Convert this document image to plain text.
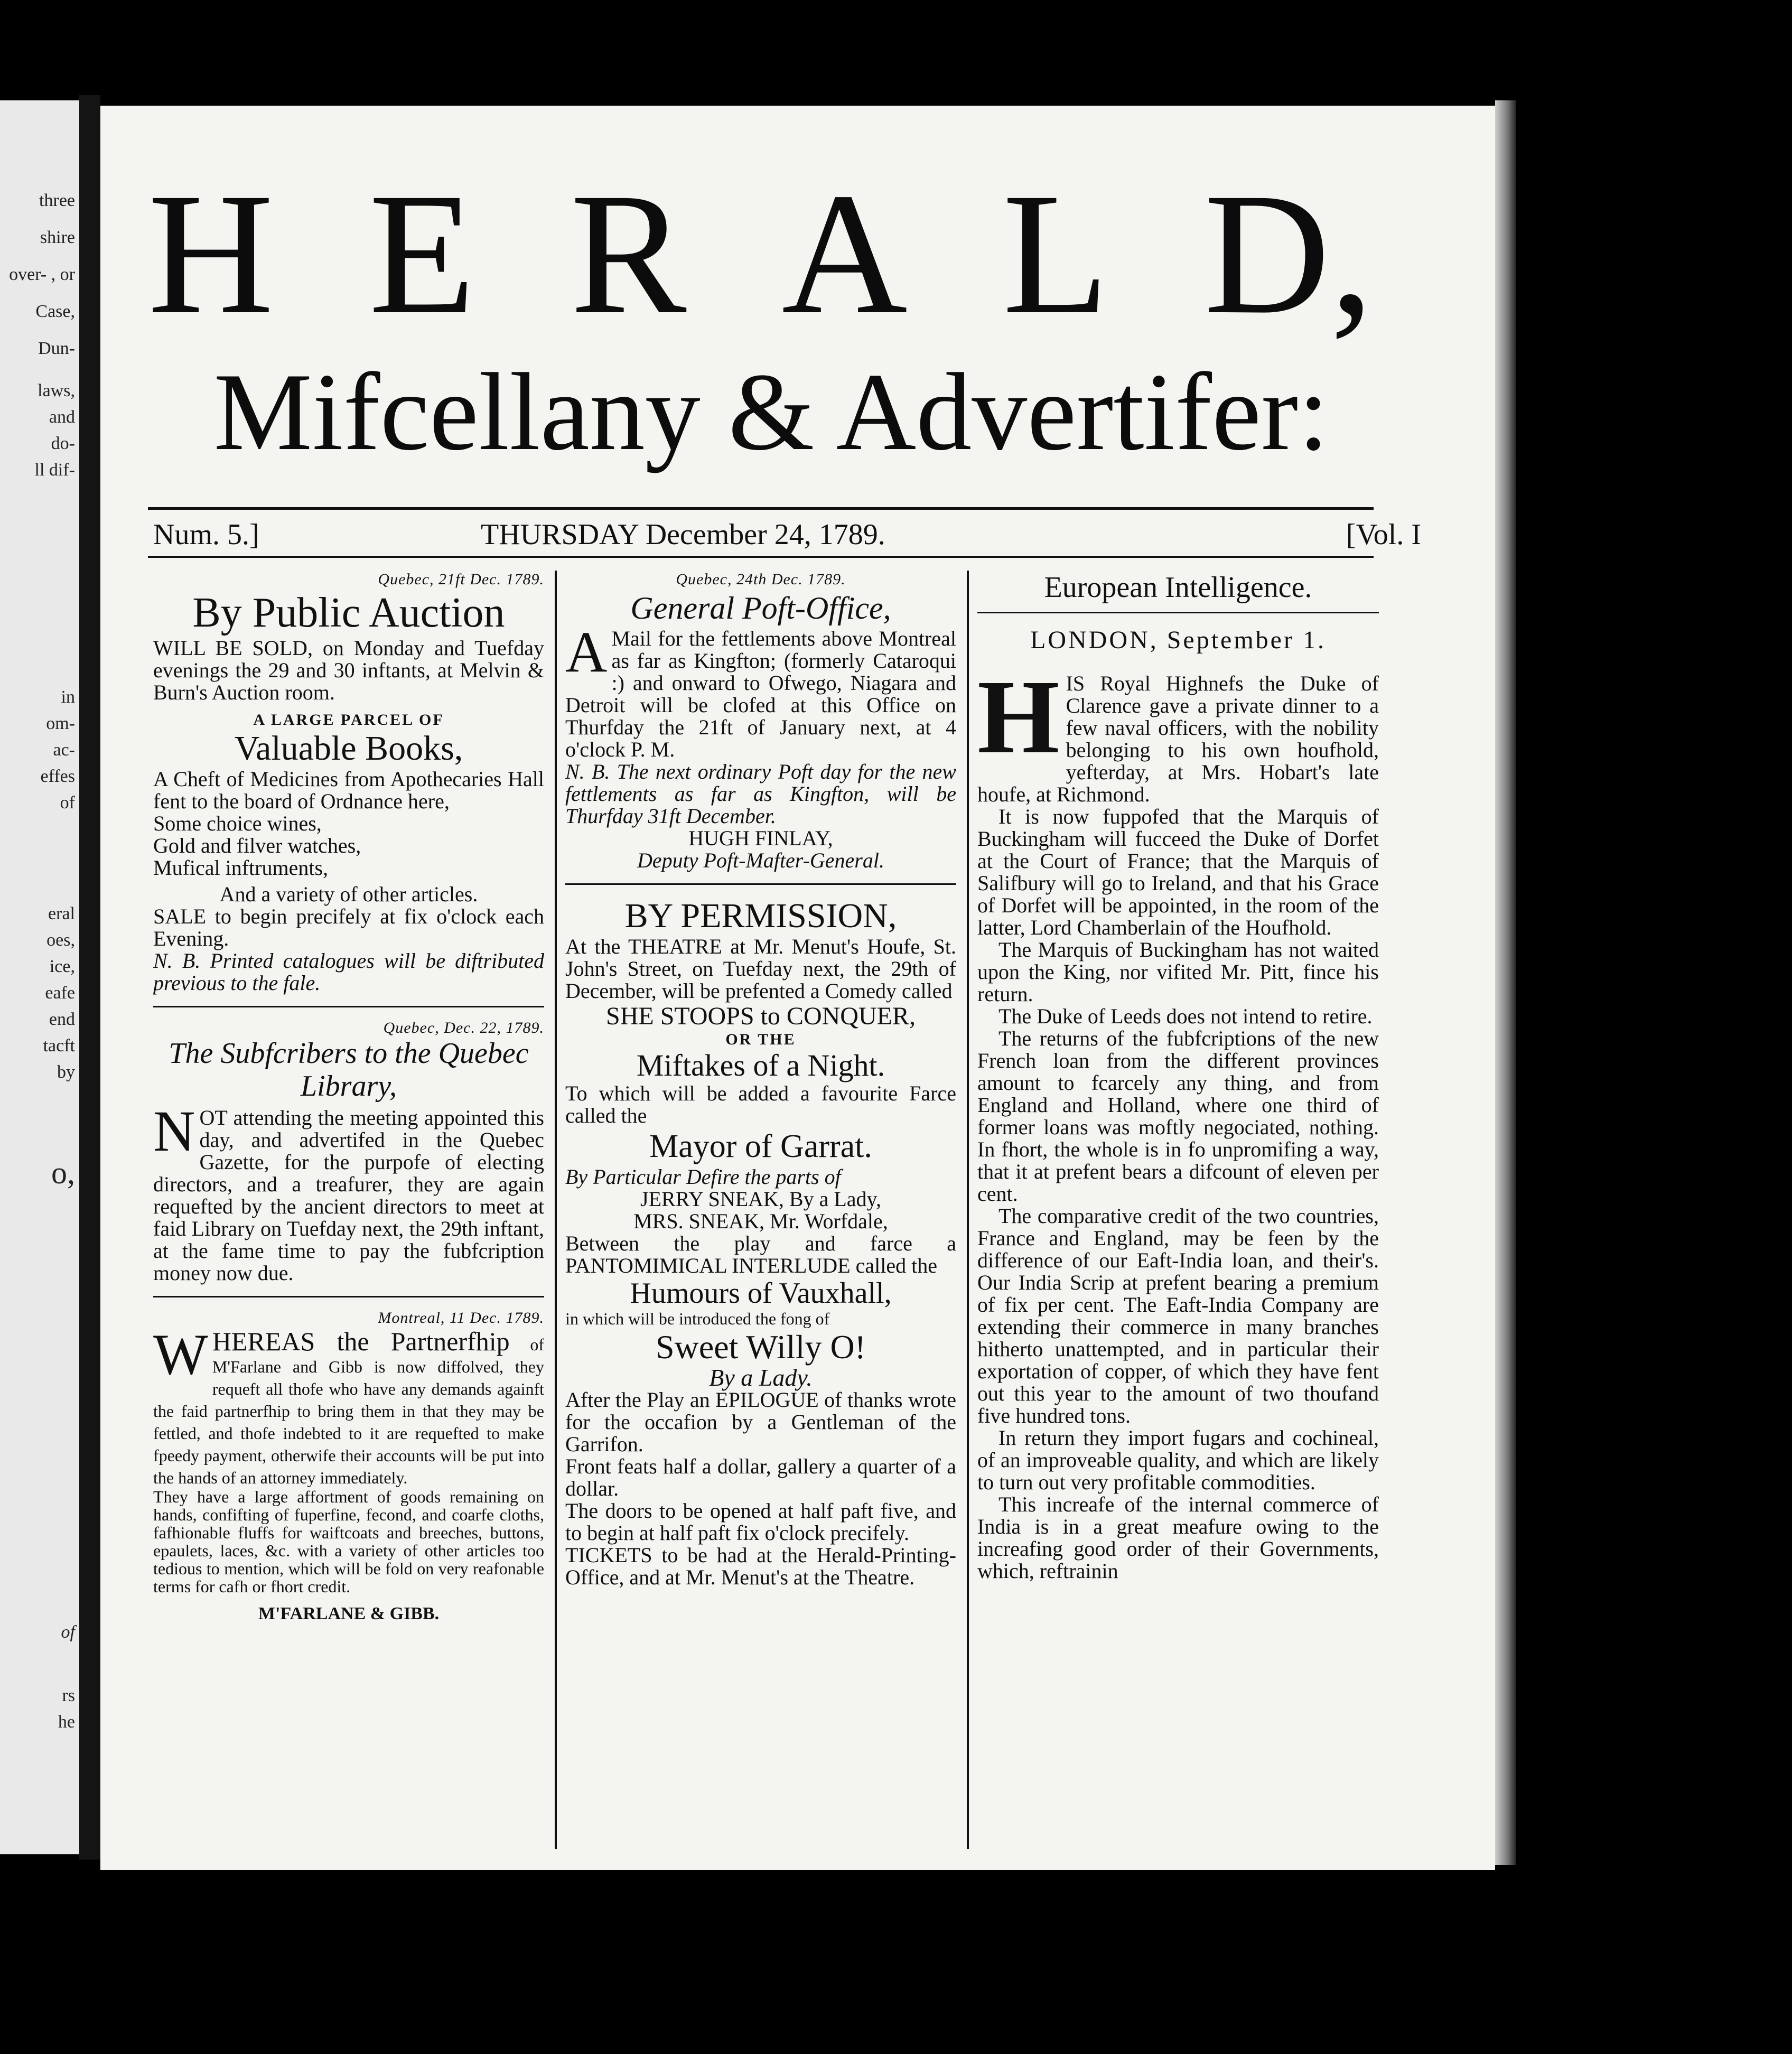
three
shire
over- , or
Case,
Dun-
laws,
and
do-
ll dif-
in
om-
ac-
effes
of
eral
oes,
ice,
eafe
end
tacft
by
o,
of
rs
he
H E R A L D,
Mifcellany & Advertifer:
Num. 5.]	THURSDAY December 24, 1789.	[Vol. I
Quebec, 21ft Dec. 1789.
By Public Auction

WILL BE SOLD, on Monday and Tuefday evenings the 29 and 30 inftants, at Melvin & Burn's Auction room.

A LARGE PARCEL OF
Valuable Books,

A Cheft of Medicines from Apothecaries Hall fent to the board of Ordnance here,

Some choice wines,

Gold and filver watches,

Mufical inftruments,

And a variety of other articles.

SALE to begin precifely at fix o'clock each Evening.

N. B. Printed catalogues will be diftributed previous to the fale.

Quebec, Dec. 22, 1789.
The Subfcribers to the Quebec Library,

NOT attending the meeting appointed this day, and advertifed in the Quebec Gazette, for the purpofe of electing directors, and a treafurer, they are again requefted by the ancient directors to meet at faid Library on Tuefday next, the 29th inftant, at the fame time to pay the fubfcription money now due.

Montreal, 11 Dec. 1789.

WHEREAS the Partnerfhip of M'Farlane and Gibb is now diffolved, they requeft all thofe who have any demands againft the faid partnerfhip to bring them in that they may be fettled, and thofe indebted to it are requefted to make fpeedy payment, otherwife their accounts will be put into the hands of an attorney immediately.

They have a large affortment of goods remaining on hands, confifting of fuperfine, fecond, and coarfe cloths, fafhionable fluffs for waiftcoats and breeches, buttons, epaulets, laces, &c. with a variety of other articles too tedious to mention, which will be fold on very reafonable terms for cafh or fhort credit.

M'FARLANE & GIBB.

Quebec, 24th Dec. 1789.
General Poft-Office,

A Mail for the fettlements above Montreal as far as Kingfton; (formerly Cataroqui :) and onward to Ofwego, Niagara and Detroit will be clofed at this Office on Thurfday the 21ft of January next, at 4 o'clock P. M.

N. B. The next ordinary Poft day for the new fettlements as far as Kingfton, will be Thurfday 31ft December.

HUGH FINLAY,

Deputy Poft-Mafter-General.

BY PERMISSION,

At the THEATRE at Mr. Menut's Houfe, St. John's Street, on Tuefday next, the 29th of December, will be prefented a Comedy called

SHE STOOPS to CONQUER,

OR THE
Miftakes of a Night.

To which will be added a favourite Farce called the

Mayor of Garrat.

By Particular Defire the parts of

JERRY SNEAK, By a Lady,

MRS. SNEAK, Mr. Worfdale,

Between the play and farce a PANTOMIMICAL INTERLUDE called the

Humours of Vauxhall,

in which will be introduced the fong of

Sweet Willy O!

By a Lady.

After the Play an EPILOGUE of thanks wrote for the occafion by a Gentleman of the Garrifon.

Front feats half a dollar, gallery a quarter of a dollar.

The doors to be opened at half paft five, and to begin at half paft fix o'clock precifely.

TICKETS to be had at the Herald-Printing-Office, and at Mr. Menut's at the Theatre.

European Intelligence.

LONDON, September 1.

HIS Royal Highnefs the Duke of Clarence gave a private dinner to a few naval officers, with the nobility belonging to his own houfhold, yefterday, at Mrs. Hobart's late houfe, at Richmond.

It is now fuppofed that the Marquis of Buckingham will fucceed the Duke of Dorfet at the Court of France; that the Marquis of Salifbury will go to Ireland, and that his Grace of Dorfet will be appointed, in the room of the latter, Lord Chamberlain of the Houfhold.

The Marquis of Buckingham has not waited upon the King, nor vifited Mr. Pitt, fince his return.

The Duke of Leeds does not intend to retire.

The returns of the fubfcriptions of the new French loan from the different provinces amount to fcarcely any thing, and from England and Holland, where one third of former loans was moftly negociated, nothing. In fhort, the whole is in fo unpromifing a way, that it at prefent bears a difcount of eleven per cent.

The comparative credit of the two countries, France and England, may be feen by the difference of our Eaft-India loan, and their's. Our India Scrip at prefent bearing a premium of fix per cent. The Eaft-India Company are extending their commerce in many branches hitherto unattempted, and in particular their exportation of copper, of which they have fent out this year to the amount of two thoufand five hundred tons.

In return they import fugars and cochineal, of an improveable quality, and which are likely to turn out very profitable commodities.

This increafe of the internal commerce of India is in a great meafure owing to the increafing good order of their Governments, which, reftrainin
